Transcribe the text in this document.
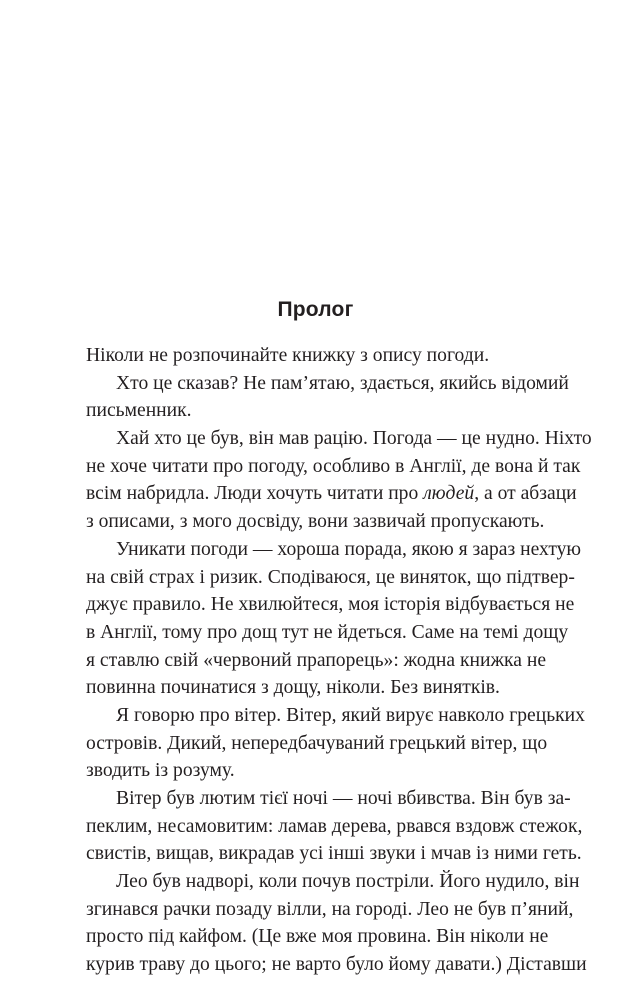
Пролог
Ніколи не розпочинайте книжку з опису погоди.
Хто це сказав? Не пам’ятаю, здається, якийсь відомий
письменник.
Хай хто це був, він мав рацію. Погода — це нудно. Ніхто
не хоче читати про погоду, особливо в Англії, де вона й так
всім набридла. Люди хочуть читати про людей, а от абзаци
з описами, з мого досвіду, вони зазвичай пропускають.
Уникати погоди — хороша порада, якою я зараз нехтую
на свій страх і ризик. Сподіваюся, це виняток, що підтвер-
джує правило. Не хвилюйтеся, моя історія відбувається не
в Англії, тому про дощ тут не йдеться. Саме на темі дощу
я ставлю свій «червоний прапорець»: жодна книжка не
повинна починатися з дощу, ніколи. Без винятків.
Я говорю про вітер. Вітер, який вирує навколо грецьких
островів. Дикий, непередбачуваний грецький вітер, що
зводить із розуму.
Вітер був лютим тієї ночі — ночі вбивства. Він був за-
пеклим, несамовитим: ламав дерева, рвався вздовж стежок,
свистів, вищав, викрадав усі інші звуки і мчав із ними геть.
Лео був надворі, коли почув постріли. Його нудило, він
згинався рачки позаду вілли, на городі. Лео не був п’яний,
просто під кайфом. (Це вже моя провина. Він ніколи не
курив траву до цього; не варто було йому давати.) Діставши
